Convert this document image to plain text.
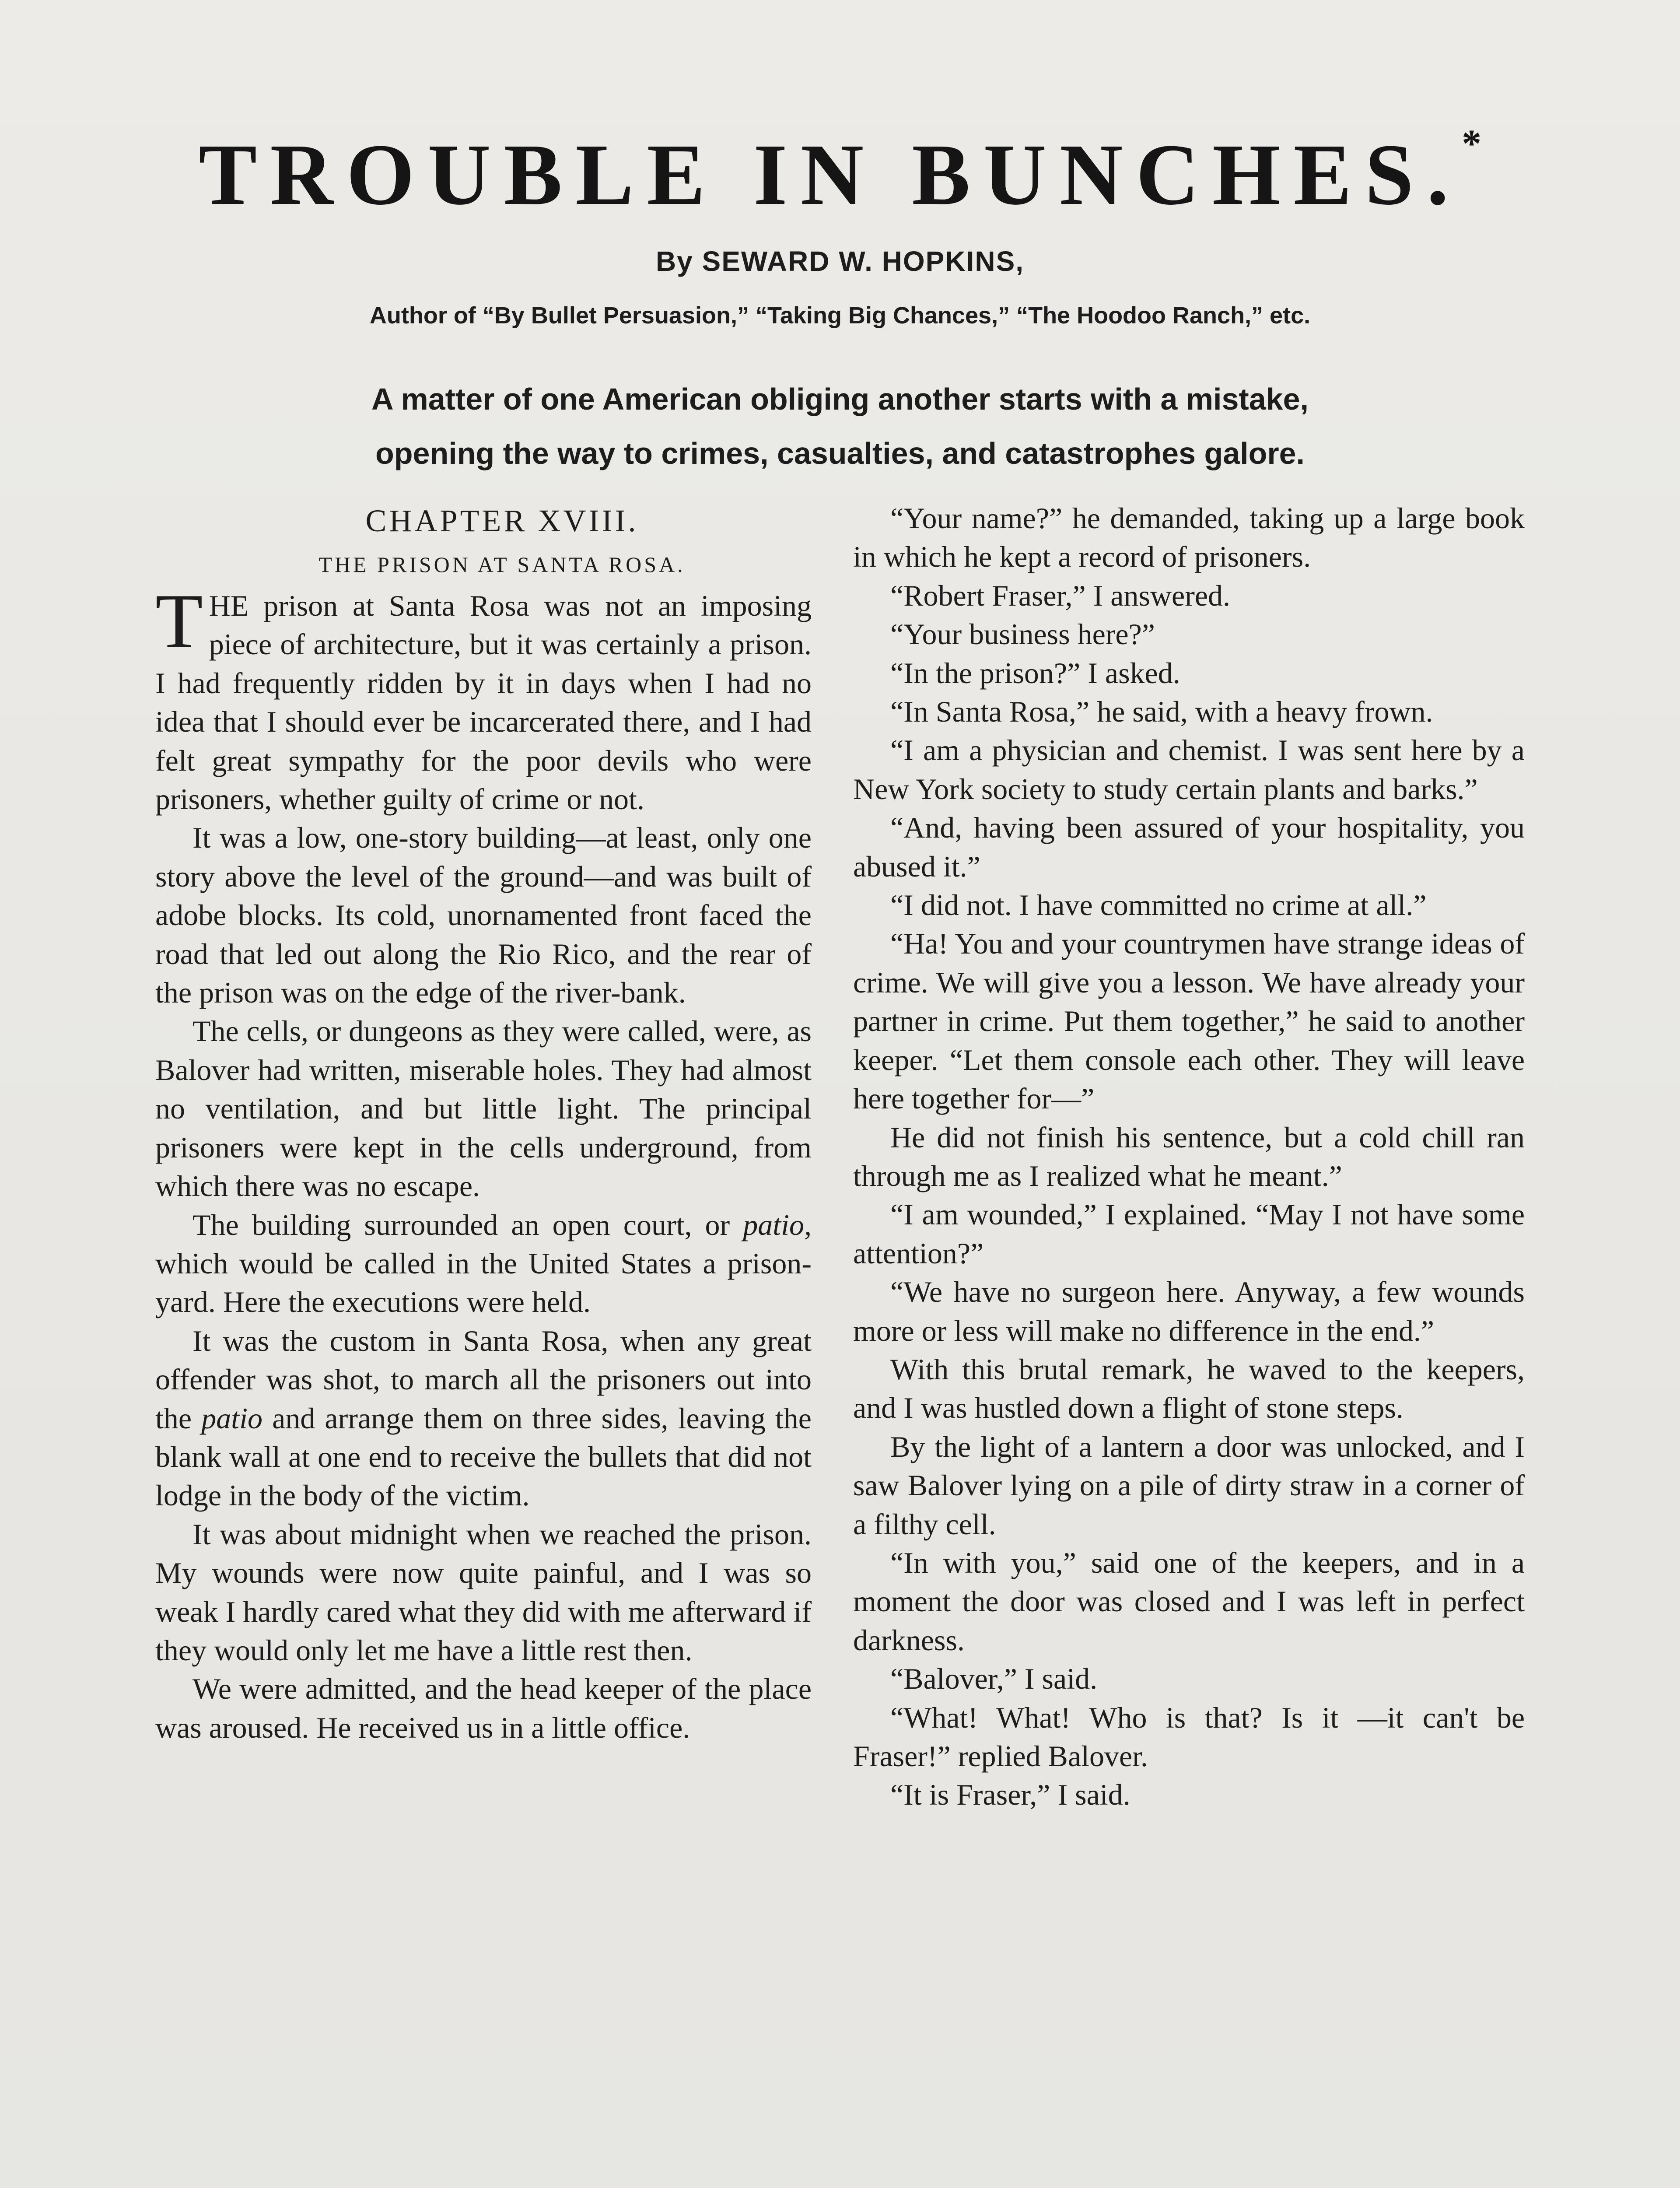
TROUBLE IN BUNCHES.*

By SEWARD W. HOPKINS,

Author of “By Bullet Persuasion,” “Taking Big Chances,” “The Hoodoo Ranch,” etc.

A matter of one American obliging another starts with a mistake,

opening the way to crimes, casualties, and catastrophes galore.

CHAPTER XVIII.

THE PRISON AT SANTA ROSA.

THE prison at Santa Rosa was not an imposing piece of architecture, but it was certainly a prison. I had frequently ridden by it in days when I had no idea that I should ever be incarcerated there, and I had felt great sympathy for the poor devils who were prisoners, whether guilty of crime or not.

It was a low, one-story building—at least, only one story above the level of the ground—and was built of adobe blocks. Its cold, unornamented front faced the road that led out along the Rio Rico, and the rear of the prison was on the edge of the river-bank.

The cells, or dungeons as they were called, were, as Balover had written, miserable holes. They had almost no ventilation, and but little light. The principal prisoners were kept in the cells underground, from which there was no escape.

The building surrounded an open court, or patio, which would be called in the United States a prison-yard. Here the executions were held.

It was the custom in Santa Rosa, when any great offender was shot, to march all the prisoners out into the patio and arrange them on three sides, leaving the blank wall at one end to receive the bullets that did not lodge in the body of the victim.

It was about midnight when we reached the prison. My wounds were now quite painful, and I was so weak I hardly cared what they did with me afterward if they would only let me have a little rest then.

We were admitted, and the head keeper of the place was aroused. He received us in a little office.

“Your name?” he demanded, taking up a large book in which he kept a record of prisoners.

“Robert Fraser,” I answered.

“Your business here?”

“In the prison?” I asked.

“In Santa Rosa,” he said, with a heavy frown.

“I am a physician and chemist. I was sent here by a New York society to study certain plants and barks.”

“And, having been assured of your hospitality, you abused it.”

“I did not. I have committed no crime at all.”

“Ha! You and your countrymen have strange ideas of crime. We will give you a lesson. We have already your partner in crime. Put them together,” he said to another keeper. “Let them console each other. They will leave here together for—”

He did not finish his sentence, but a cold chill ran through me as I realized what he meant.”

“I am wounded,” I explained. “May I not have some attention?”

“We have no surgeon here. Anyway, a few wounds more or less will make no difference in the end.”

With this brutal remark, he waved to the keepers, and I was hustled down a flight of stone steps.

By the light of a lantern a door was unlocked, and I saw Balover lying on a pile of dirty straw in a corner of a filthy cell.

“In with you,” said one of the keepers, and in a moment the door was closed and I was left in perfect darkness.

“Balover,” I said.

“What! What! Who is that? Is it —it can't be Fraser!” replied Balover.

“It is Fraser,” I said.
